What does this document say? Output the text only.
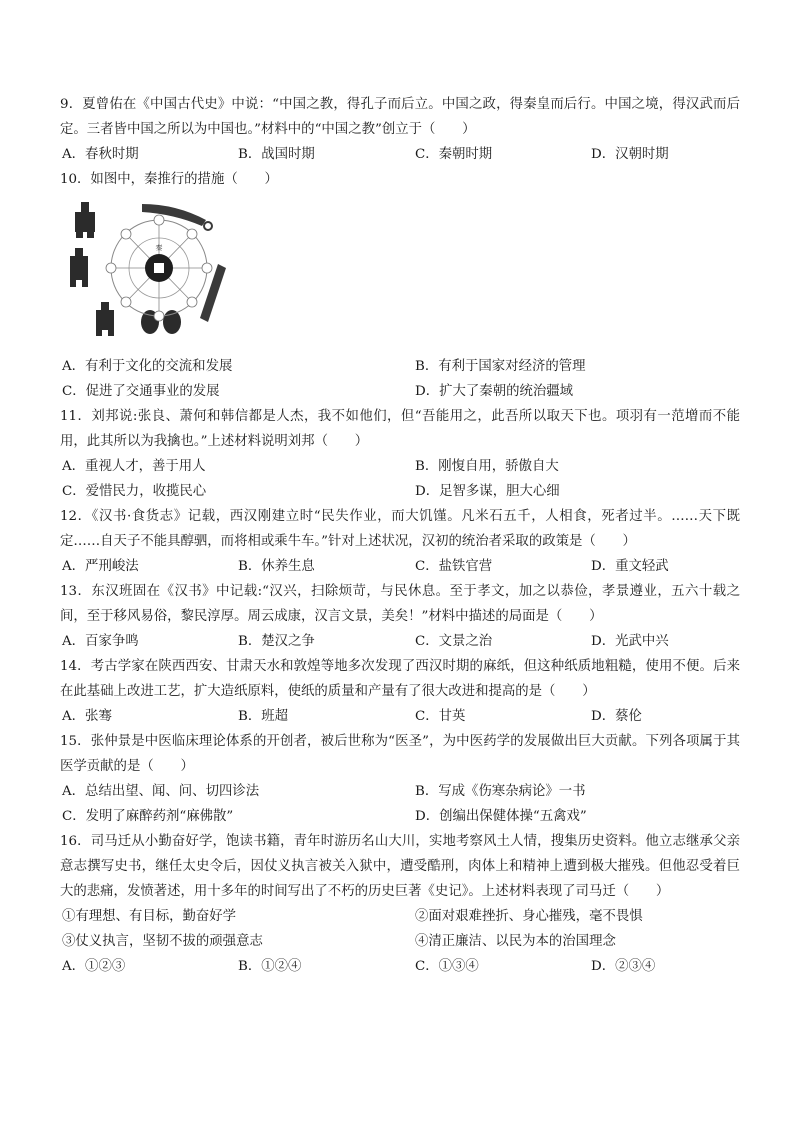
9．夏曾佑在《中国古代史》中说：“中国之教，得孔子而后立。中国之政，得秦皇而后行。中国之境，得汉武而后定。三者皆中国之所以为中国也。”材料中的“中国之教”创立于（　　）
A．春秋时期	B．战国时期	C．秦朝时期	D．汉朝时期
10．如图中，秦推行的措施（　　）
秦
A．有利于文化的交流和发展	B．有利于国家对经济的管理
C．促进了交通事业的发展	D．扩大了秦朝的统治疆域
11．刘邦说:张良、萧何和韩信都是人杰，我不如他们，但“吾能用之，此吾所以取天下也。项羽有一范增而不能用，此其所以为我擒也。”上述材料说明刘邦（　　）
A．重视人才，善于用人	B．刚愎自用，骄傲自大
C．爱惜民力，收揽民心	D．足智多谋，胆大心细
12．《汉书·食货志》记载，西汉刚建立时“民失作业，而大饥馑。凡米石五千，人相食，死者过半。……天下既定……自天子不能具醇驷，而将相或乘牛车。”针对上述状况，汉初的统治者采取的政策是（　　）
A．严刑峻法	B．休养生息	C．盐铁官营	D．重文轻武
13．东汉班固在《汉书》中记载:“汉兴，扫除烦苛，与民休息。至于孝文，加之以恭俭，孝景遵业，五六十载之间，至于移风易俗，黎民淳厚。周云成康，汉言文景，美矣！”材料中描述的局面是（　　）
A．百家争鸣	B．楚汉之争	C．文景之治	D．光武中兴
14．考古学家在陕西西安、甘肃天水和敦煌等地多次发现了西汉时期的麻纸，但这种纸质地粗糙，使用不便。后来在此基础上改进工艺，扩大造纸原料，使纸的质量和产量有了很大改进和提高的是（　　）
A．张骞	B．班超	C．甘英	D．蔡伦
15．张仲景是中医临床理论体系的开创者，被后世称为“医圣”，为中医药学的发展做出巨大贡献。下列各项属于其医学贡献的是（　　）
A．总结出望、闻、问、切四诊法	B．写成《伤寒杂病论》一书
C．发明了麻醉药剂“麻佛散”	D．创编出保健体操“五禽戏”
16．司马迁从小勤奋好学，饱读书籍，青年时游历名山大川，实地考察风土人情，搜集历史资料。他立志继承父亲意志撰写史书，继任太史令后，因仗义执言被关入狱中，遭受酷刑，肉体上和精神上遭到极大摧残。但他忍受着巨大的悲痛，发愤著述，用十多年的时间写出了不朽的历史巨著《史记》。上述材料表现了司马迁（　　）
①有理想、有目标，勤奋好学	②面对艰难挫折、身心摧残，毫不畏惧
③仗义执言，坚韧不拔的顽强意志	④清正廉洁、以民为本的治国理念
A．①②③	B．①②④	C．①③④	D．②③④
